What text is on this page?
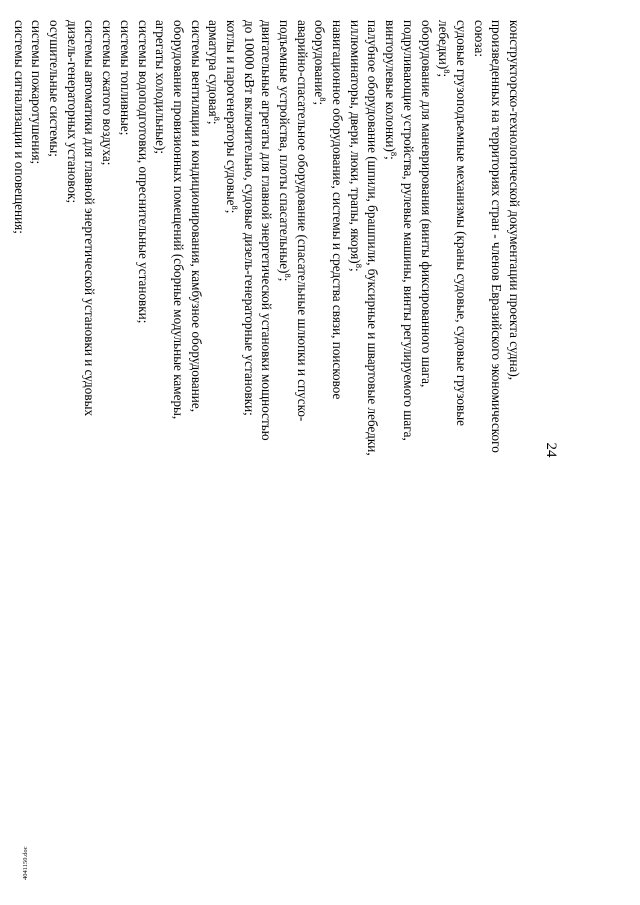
24
конструкторско-технологической документации проекта судна),
произведенных на территориях стран - членов Евразийского экономического
союза:
судовые грузоподъемные механизмы (краны судовые, судовые грузовые
лебедки)$^8$;
оборудование для маневрирования (винты фиксированного шага,
подруливающие устройства, рулевые машины, винты регулируемого шага,
винторулевые колонки)$^8$;
палубное оборудование (шпили, брашпили, буксирные и швартовые лебедки,
иллюминаторы, двери, люки, трапы, якоря)$^8$;
навигационное оборудование, системы и средства связи, поисковое
оборудование$^8$;
аварийно-спасательное оборудование (спасательные шлюпки и спуско-
подъемные устройства, плоты спасательные)$^8$;
двигательные агрегаты для главной энергетической установки мощностью
до 10000 кВт включительно, судовые дизель-генераторные установки;
котлы и парогенераторы судовые$^8$;
арматура судовая$^8$;
системы вентиляции и кондиционирования, камбузное оборудование,
оборудование провизионных помещений (сборные модульные камеры,
агрегаты холодильные);
системы водоподготовки, опреснительные установки;
системы топливные;
системы сжатого воздуха;
системы автоматики для главной энергетической установки и судовых
дизель-генераторных установок;
осушительные системы;
системы пожаротушения;
системы сигнализации и оповещения;
4041150.doc
